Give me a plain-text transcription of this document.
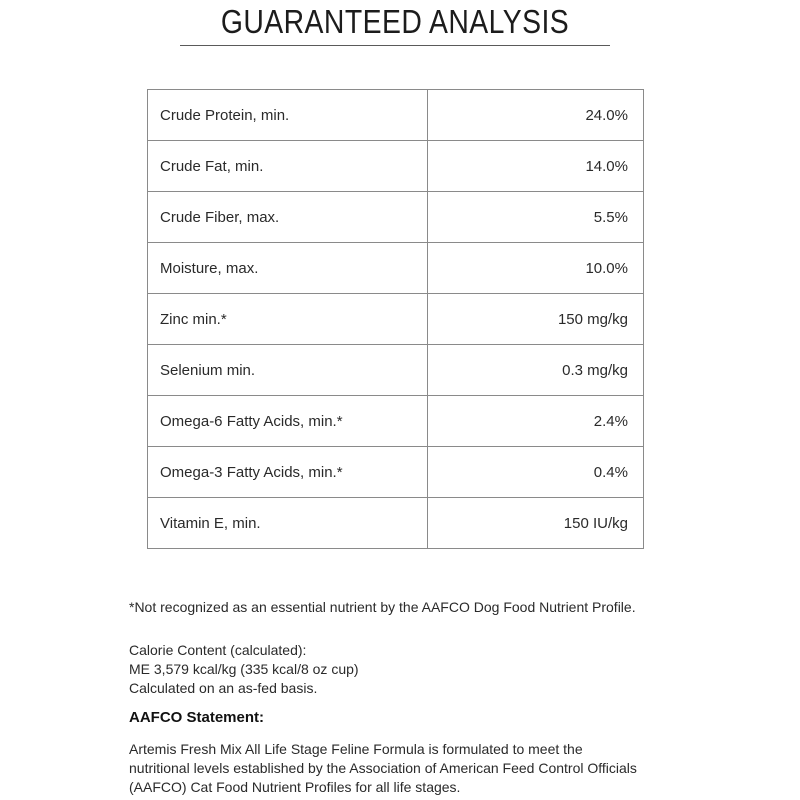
GUARANTEED ANALYSIS
Crude Protein, min.	24.0%
Crude Fat, min.	14.0%
Crude Fiber, max.	5.5%
Moisture, max.	10.0%
Zinc min.*	150 mg/kg
Selenium min.	0.3 mg/kg
Omega-6 Fatty Acids, min.*	2.4%
Omega-3 Fatty Acids, min.*	0.4%
Vitamin E, min.	150 IU/kg
*Not recognized as an essential nutrient by the AAFCO Dog Food Nutrient Profile.
Calorie Content (calculated):
ME 3,579 kcal/kg (335 kcal/8 oz cup)
Calculated on an as-fed basis.
AAFCO Statement:
Artemis Fresh Mix All Life Stage Feline Formula is formulated to meet the
nutritional levels established by the Association of American Feed Control Officials
(AAFCO) Cat Food Nutrient Profiles for all life stages.
